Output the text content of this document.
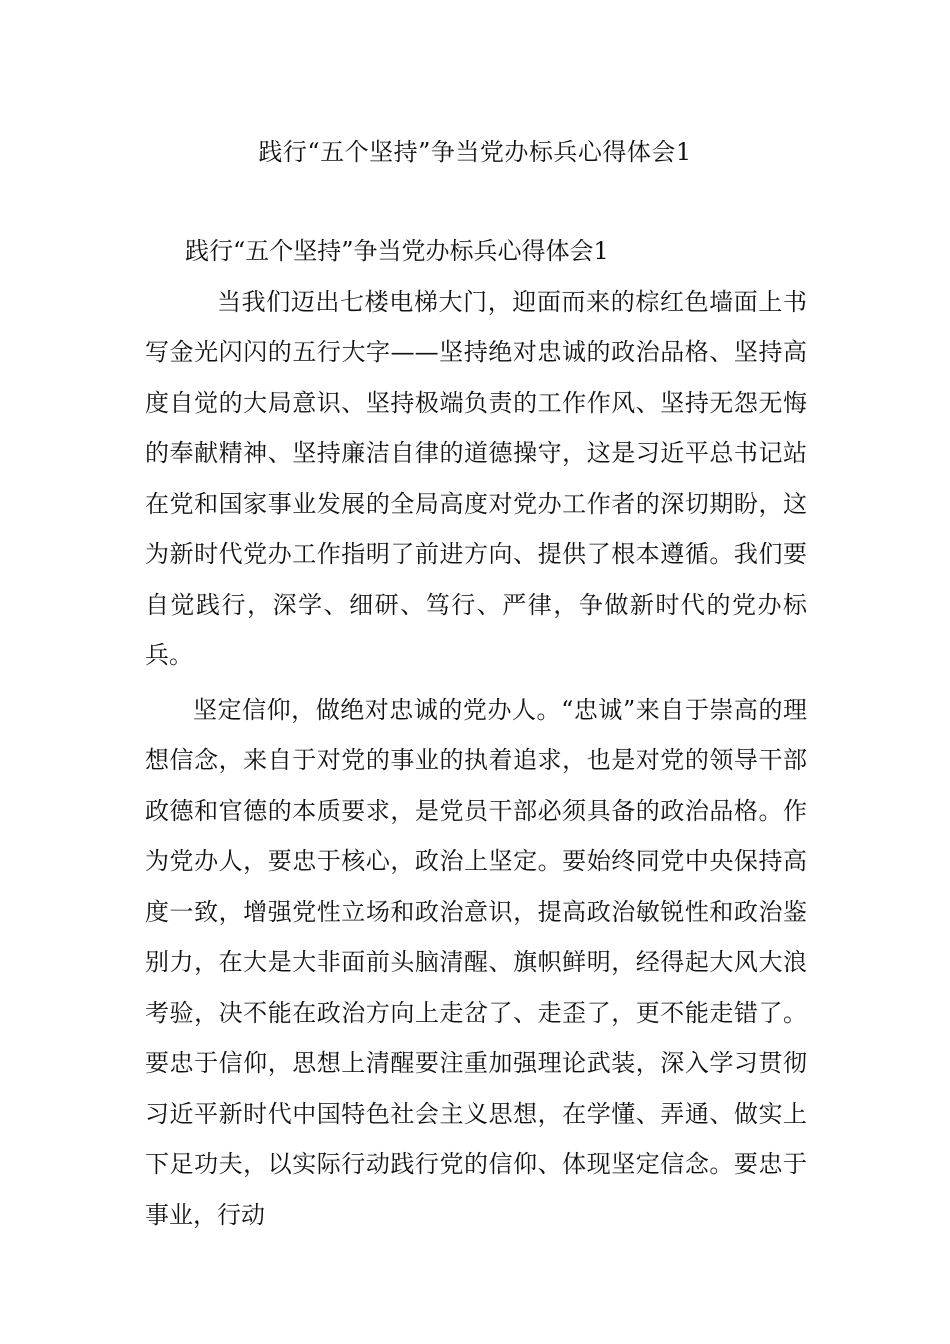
践行“五个坚持”争当党办标兵心得体会1

践行“五个坚持”争当党办标兵心得体会1

当我们迈出七楼电梯大门，迎面而来的棕红色墙面上书写金光闪闪的五行大字——坚持绝对忠诚的政治品格、坚持高度自觉的大局意识、坚持极端负责的工作作风、坚持无怨无悔的奉献精神、坚持廉洁自律的道德操守，这是习近平总书记站在党和国家事业发展的全局高度对党办工作者的深切期盼，这为新时代党办工作指明了前进方向、提供了根本遵循。我们要自觉践行，深学、细研、笃行、严律，争做新时代的党办标兵。

坚定信仰，做绝对忠诚的党办人。“忠诚”来自于崇高的理想信念，来自于对党的事业的执着追求，也是对党的领导干部政德和官德的本质要求，是党员干部必须具备的政治品格。作为党办人，要忠于核心，政治上坚定。要始终同党中央保持高度一致，增强党性立场和政治意识，提高政治敏锐性和政治鉴别力，在大是大非面前头脑清醒、旗帜鲜明，经得起大风大浪考验，决不能在政治方向上走岔了、走歪了，更不能走错了。要忠于信仰，思想上清醒要注重加强理论武装，深入学习贯彻习近平新时代中国特色社会主义思想，在学懂、弄通、做实上下足功夫，以实际行动践行党的信仰、体现坚定信念。要忠于事业，行动
